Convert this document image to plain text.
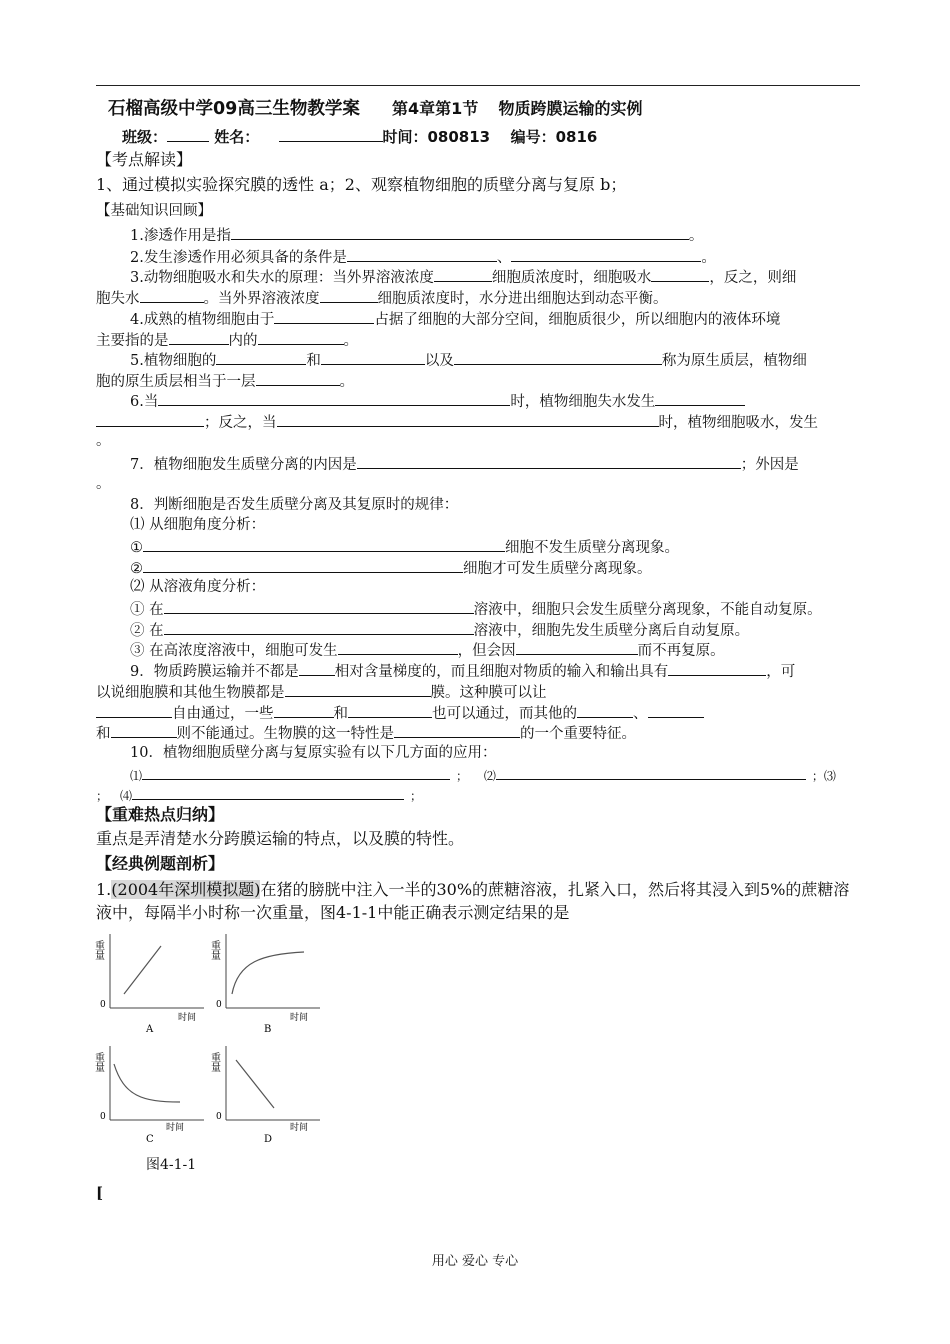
石榴高级中学09高三生物教学案 第4章第1节 物质跨膜运输的实例
班级：	姓名：	时间：080813 编号：0816
【考点解读】
1、通过模拟实验探究膜的透性 a；2、观察植物细胞的质壁分离与复原 b；
【基础知识回顾】
1.渗透作用是指	。
2.发生渗透作用必须具备的条件是	、	。
3.动物细胞吸水和失水的原理：当外界溶液浓度	细胞质浓度时，细胞吸水	，反之，则细
胞失水	。当外界溶液浓度	细胞质浓度时，水分进出细胞达到动态平衡。
4.成熟的植物细胞由于	占据了细胞的大部分空间，细胞质很少，所以细胞内的液体环境
主要指的是	内的	。
5.植物细胞的	和	以及	称为原生质层，植物细
胞的原生质层相当于一层	。
6.当	时，植物细胞失水发生
；反之，当	时，植物细胞吸水，发生
。
7．植物细胞发生质壁分离的内因是	；外因是
。
8．判断细胞是否发生质壁分离及其复原时的规律：
⑴ 从细胞角度分析：
①	细胞不发生质壁分离现象。
②	细胞才可发生质壁分离现象。
⑵ 从溶液角度分析：
① 在	溶液中，细胞只会发生质壁分离现象，不能自动复原。
② 在	溶液中，细胞先发生质壁分离后自动复原。
③ 在高浓度溶液中，细胞可发生	，但会因	而不再复原。
9．物质跨膜运输并不都是 相对含量梯度的，而且细胞对物质的输入和输出具有	，可
以说细胞膜和其他生物膜都是	膜。这种膜可以让
自由通过，一些	和	也可以通过，而其他的	、
和	则不能通过。生物膜的这一特性是	的一个重要特征。
10．植物细胞质壁分离与复原实验有以下几方面的应用：
⑴	； ⑵	；⑶
； ⑷	；
【重难热点归纳】
重点是弄清楚水分跨膜运输的特点，以及膜的特性。
【经典例题剖析】
1.(2004年深圳模拟题)在猪的膀胱中注入一半的30%的蔗糖溶液，扎紧入口，然后将其浸入到5%的蔗糖溶
液中，每隔半小时称一次重量，图4-1-1中能正确表示测定结果的是
重量
0
时间
A
重量
0
时间
B
重量
0
时间
C
重量
0
时间
D
图4-1-1
[
用心 爱心 专心
